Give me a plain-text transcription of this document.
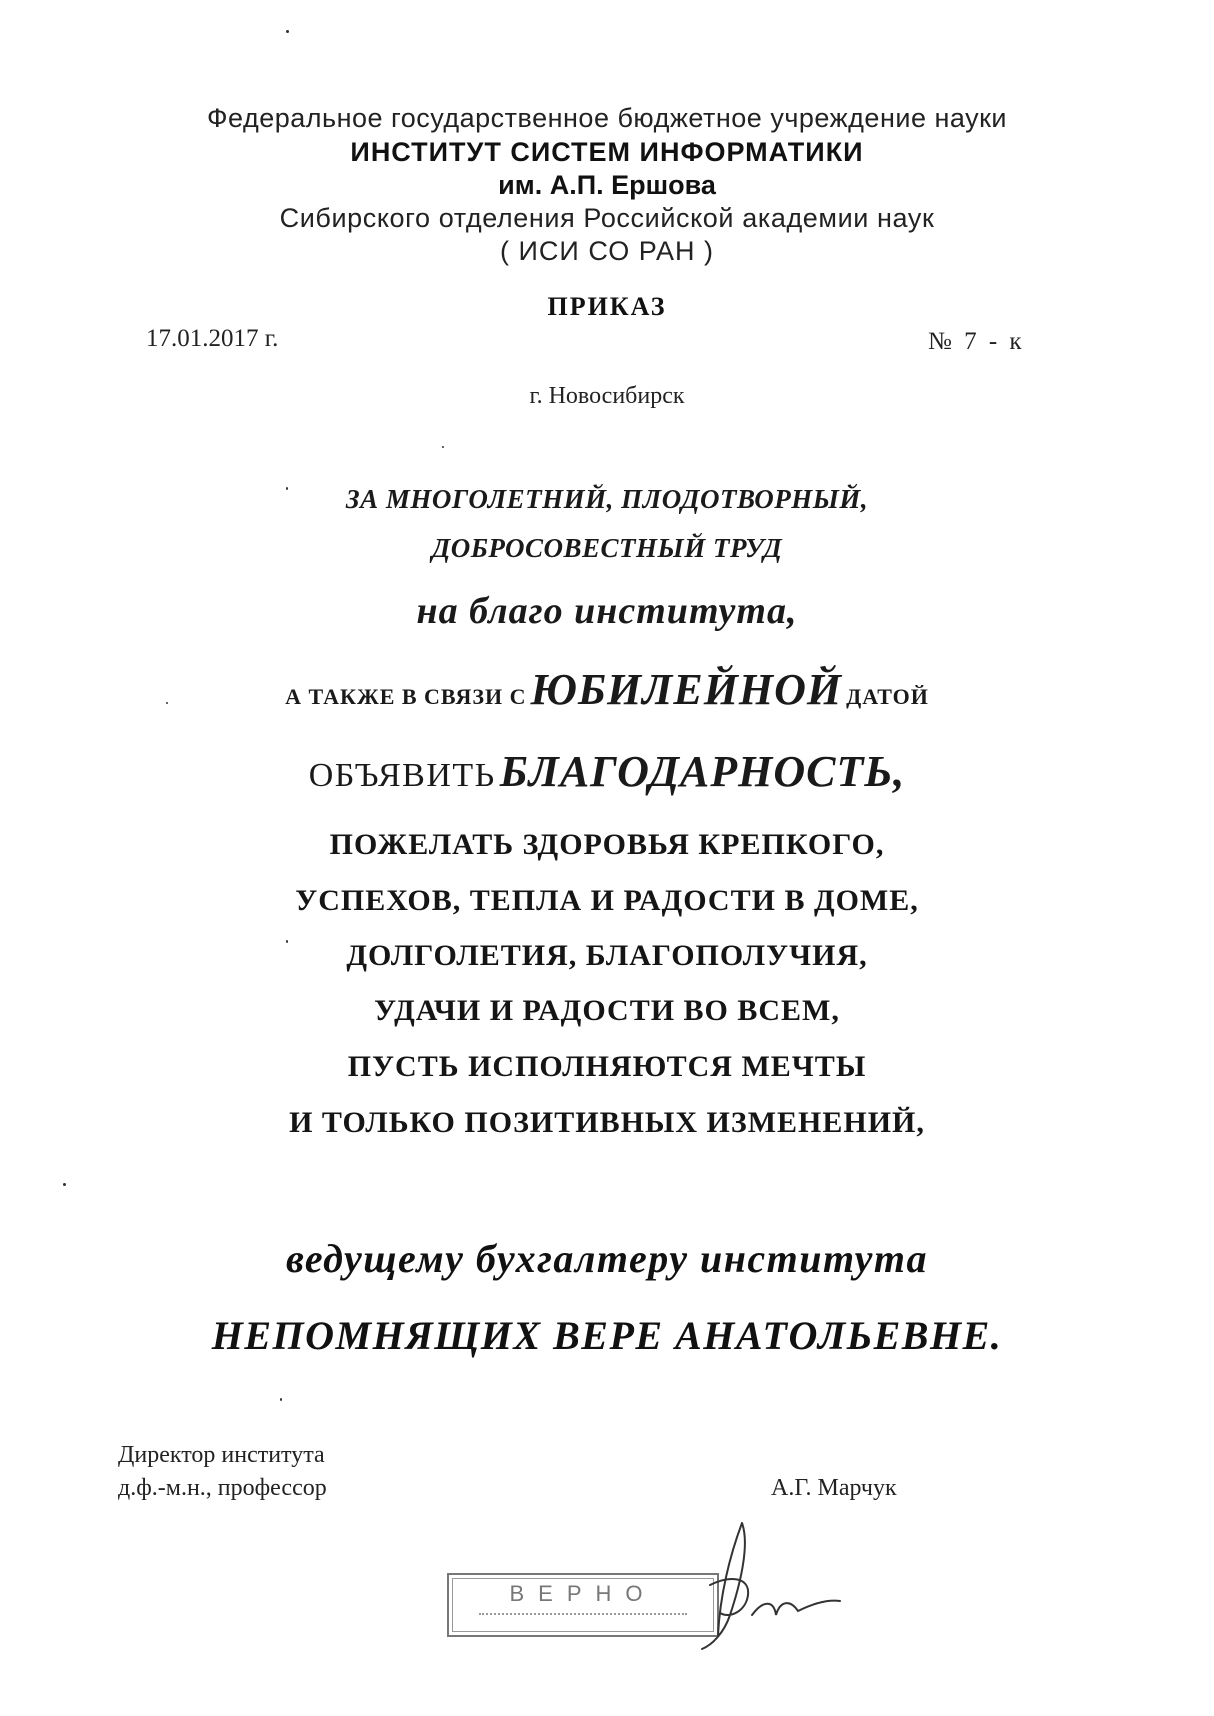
Федеральное государственное бюджетное учреждение науки
ИНСТИТУТ СИСТЕМ ИНФОРМАТИКИ
им. А.П. Ершова
Сибирского отделения Российской академии наук
( ИСИ СО РАН )
ПРИКАЗ
17.01.2017 г.	№ 7 - к
г. Новосибирск
ЗА МНОГОЛЕТНИЙ, ПЛОДОТВОРНЫЙ,
ДОБРОСОВЕСТНЫЙ ТРУД
на благо института,
А ТАКЖЕ В СВЯЗИ С ЮБИЛЕЙНОЙ ДАТОЙ
ОБЪЯВИТЬ БЛАГОДАРНОСТЬ,
ПОЖЕЛАТЬ ЗДОРОВЬЯ КРЕПКОГО,
УСПЕХОВ, ТЕПЛА И РАДОСТИ В ДОМЕ,
ДОЛГОЛЕТИЯ, БЛАГОПОЛУЧИЯ,
УДАЧИ И РАДОСТИ ВО ВСЕМ,
ПУСТЬ ИСПОЛНЯЮТСЯ МЕЧТЫ
И ТОЛЬКО ПОЗИТИВНЫХ ИЗМЕНЕНИЙ,
ведущему бухгалтеру института
НЕПОМНЯЩИХ ВЕРЕ АНАТОЛЬЕВНЕ.
Директор института
д.ф.-м.н., профессор	А.Г. Марчук
ВЕРНО
